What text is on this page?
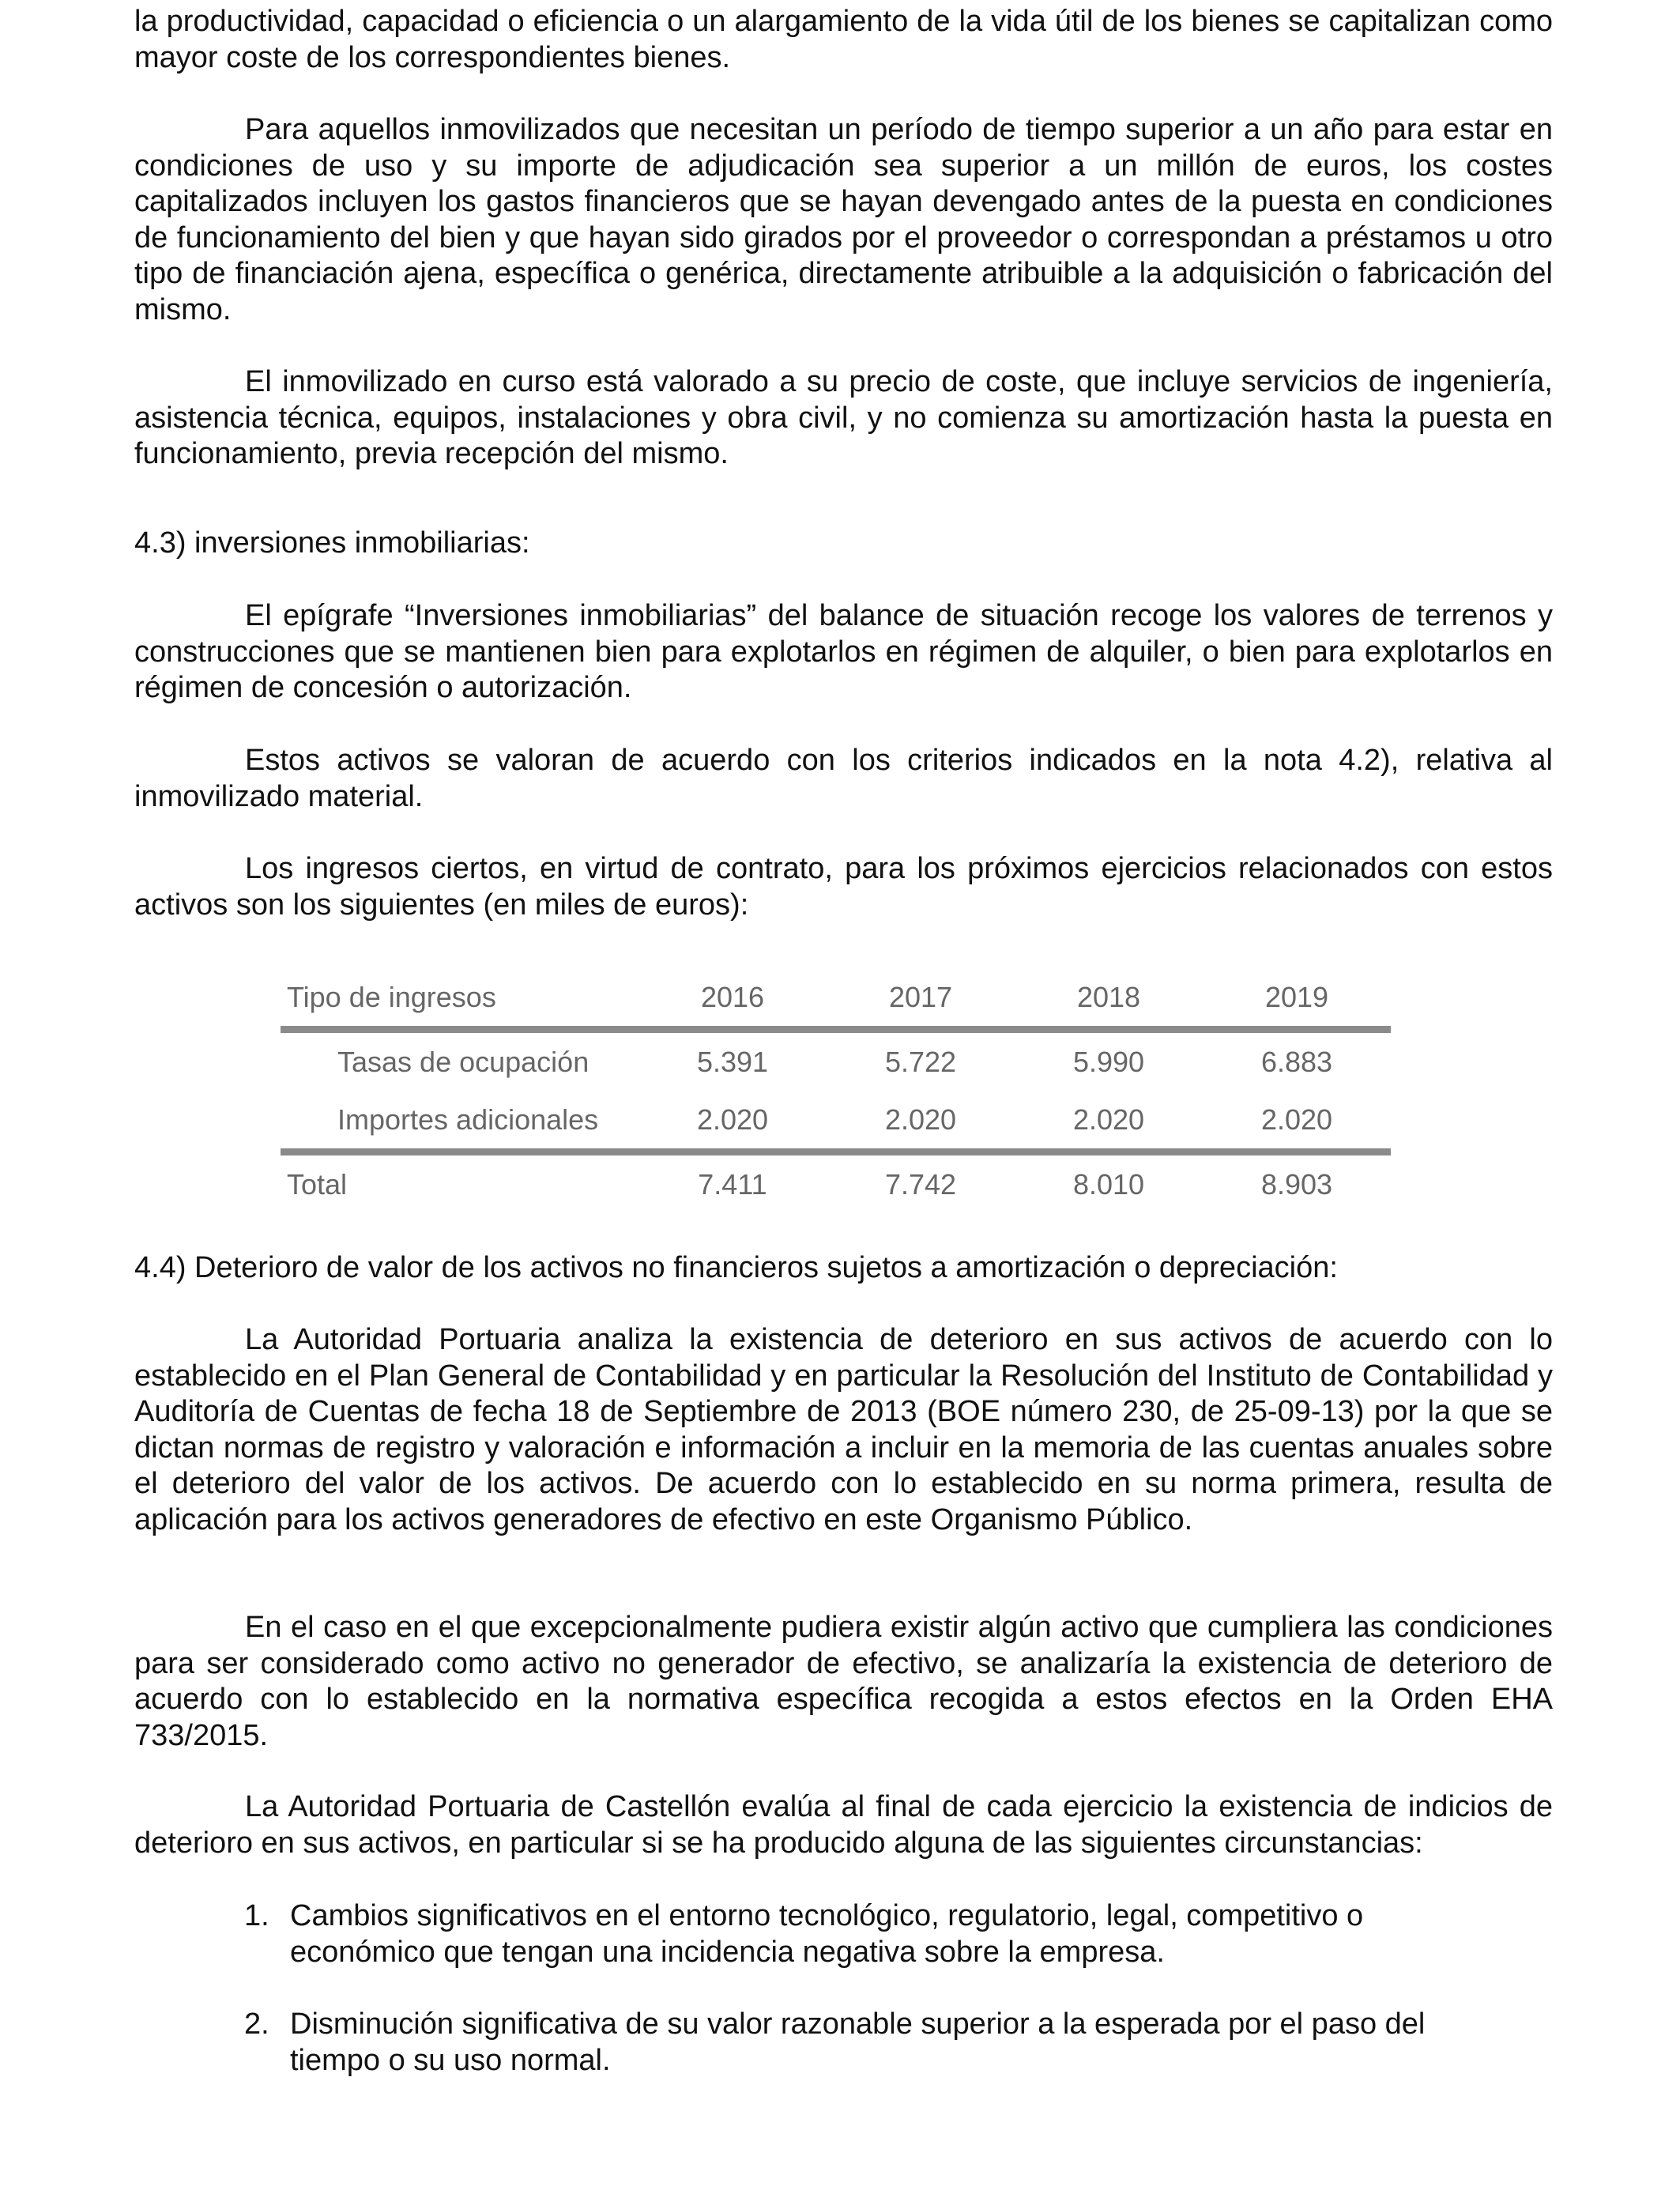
la productividad, capacidad o eficiencia o un alargamiento de la vida útil de los bienes se capitalizan como mayor coste de los correspondientes bienes.

Para aquellos inmovilizados que necesitan un período de tiempo superior a un año para estar en condiciones de uso y su importe de adjudicación sea superior a un millón de euros, los costes capitalizados incluyen los gastos financieros que se hayan devengado antes de la puesta en condiciones de funcionamiento del bien y que hayan sido girados por el proveedor o correspondan a préstamos u otro tipo de financiación ajena, específica o genérica, directamente atribuible a la adquisición o fabricación del mismo.

El inmovilizado en curso está valorado a su precio de coste, que incluye servicios de ingeniería, asistencia técnica, equipos, instalaciones y obra civil, y no comienza su amortización hasta la puesta en funcionamiento, previa recepción del mismo.

4.3) inversiones inmobiliarias:

El epígrafe “Inversiones inmobiliarias” del balance de situación recoge los valores de terrenos y construcciones que se mantienen bien para explotarlos en régimen de alquiler, o bien para explotarlos en régimen de concesión o autorización.

Estos activos se valoran de acuerdo con los criterios indicados en la nota 4.2), relativa al inmovilizado material.

Los ingresos ciertos, en virtud de contrato, para los próximos ejercicios relacionados con estos activos son los siguientes (en miles de euros):

Tipo de ingresos	2016	2017	2018	2019
Tasas de ocupación	5.391	5.722	5.990	6.883
Importes adicionales	2.020	2.020	2.020	2.020
Total	7.411	7.742	8.010	8.903

4.4) Deterioro de valor de los activos no financieros sujetos a amortización o depreciación:

La Autoridad Portuaria analiza la existencia de deterioro en sus activos de acuerdo con lo establecido en el Plan General de Contabilidad y en particular la Resolución del Instituto de Contabilidad y Auditoría de Cuentas de fecha 18 de Septiembre de 2013 (BOE número 230, de 25-09-13) por la que se dictan normas de registro y valoración e información a incluir en la memoria de las cuentas anuales sobre el deterioro del valor de los activos. De acuerdo con lo establecido en su norma primera, resulta de aplicación para los activos generadores de efectivo en este Organismo Público.

En el caso en el que excepcionalmente pudiera existir algún activo que cumpliera las condiciones para ser considerado como activo no generador de efectivo, se analizaría la existencia de deterioro de acuerdo con lo establecido en la normativa específica recogida a estos efectos en la Orden EHA 733/2015.

La Autoridad Portuaria de Castellón evalúa al final de cada ejercicio la existencia de indicios de deterioro en sus activos, en particular si se ha producido alguna de las siguientes circunstancias:

1. Cambios significativos en el entorno tecnológico, regulatorio, legal, competitivo o
económico que tengan una incidencia negativa sobre la empresa.
2. Disminución significativa de su valor razonable superior a la esperada por el paso del
tiempo o su uso normal.
